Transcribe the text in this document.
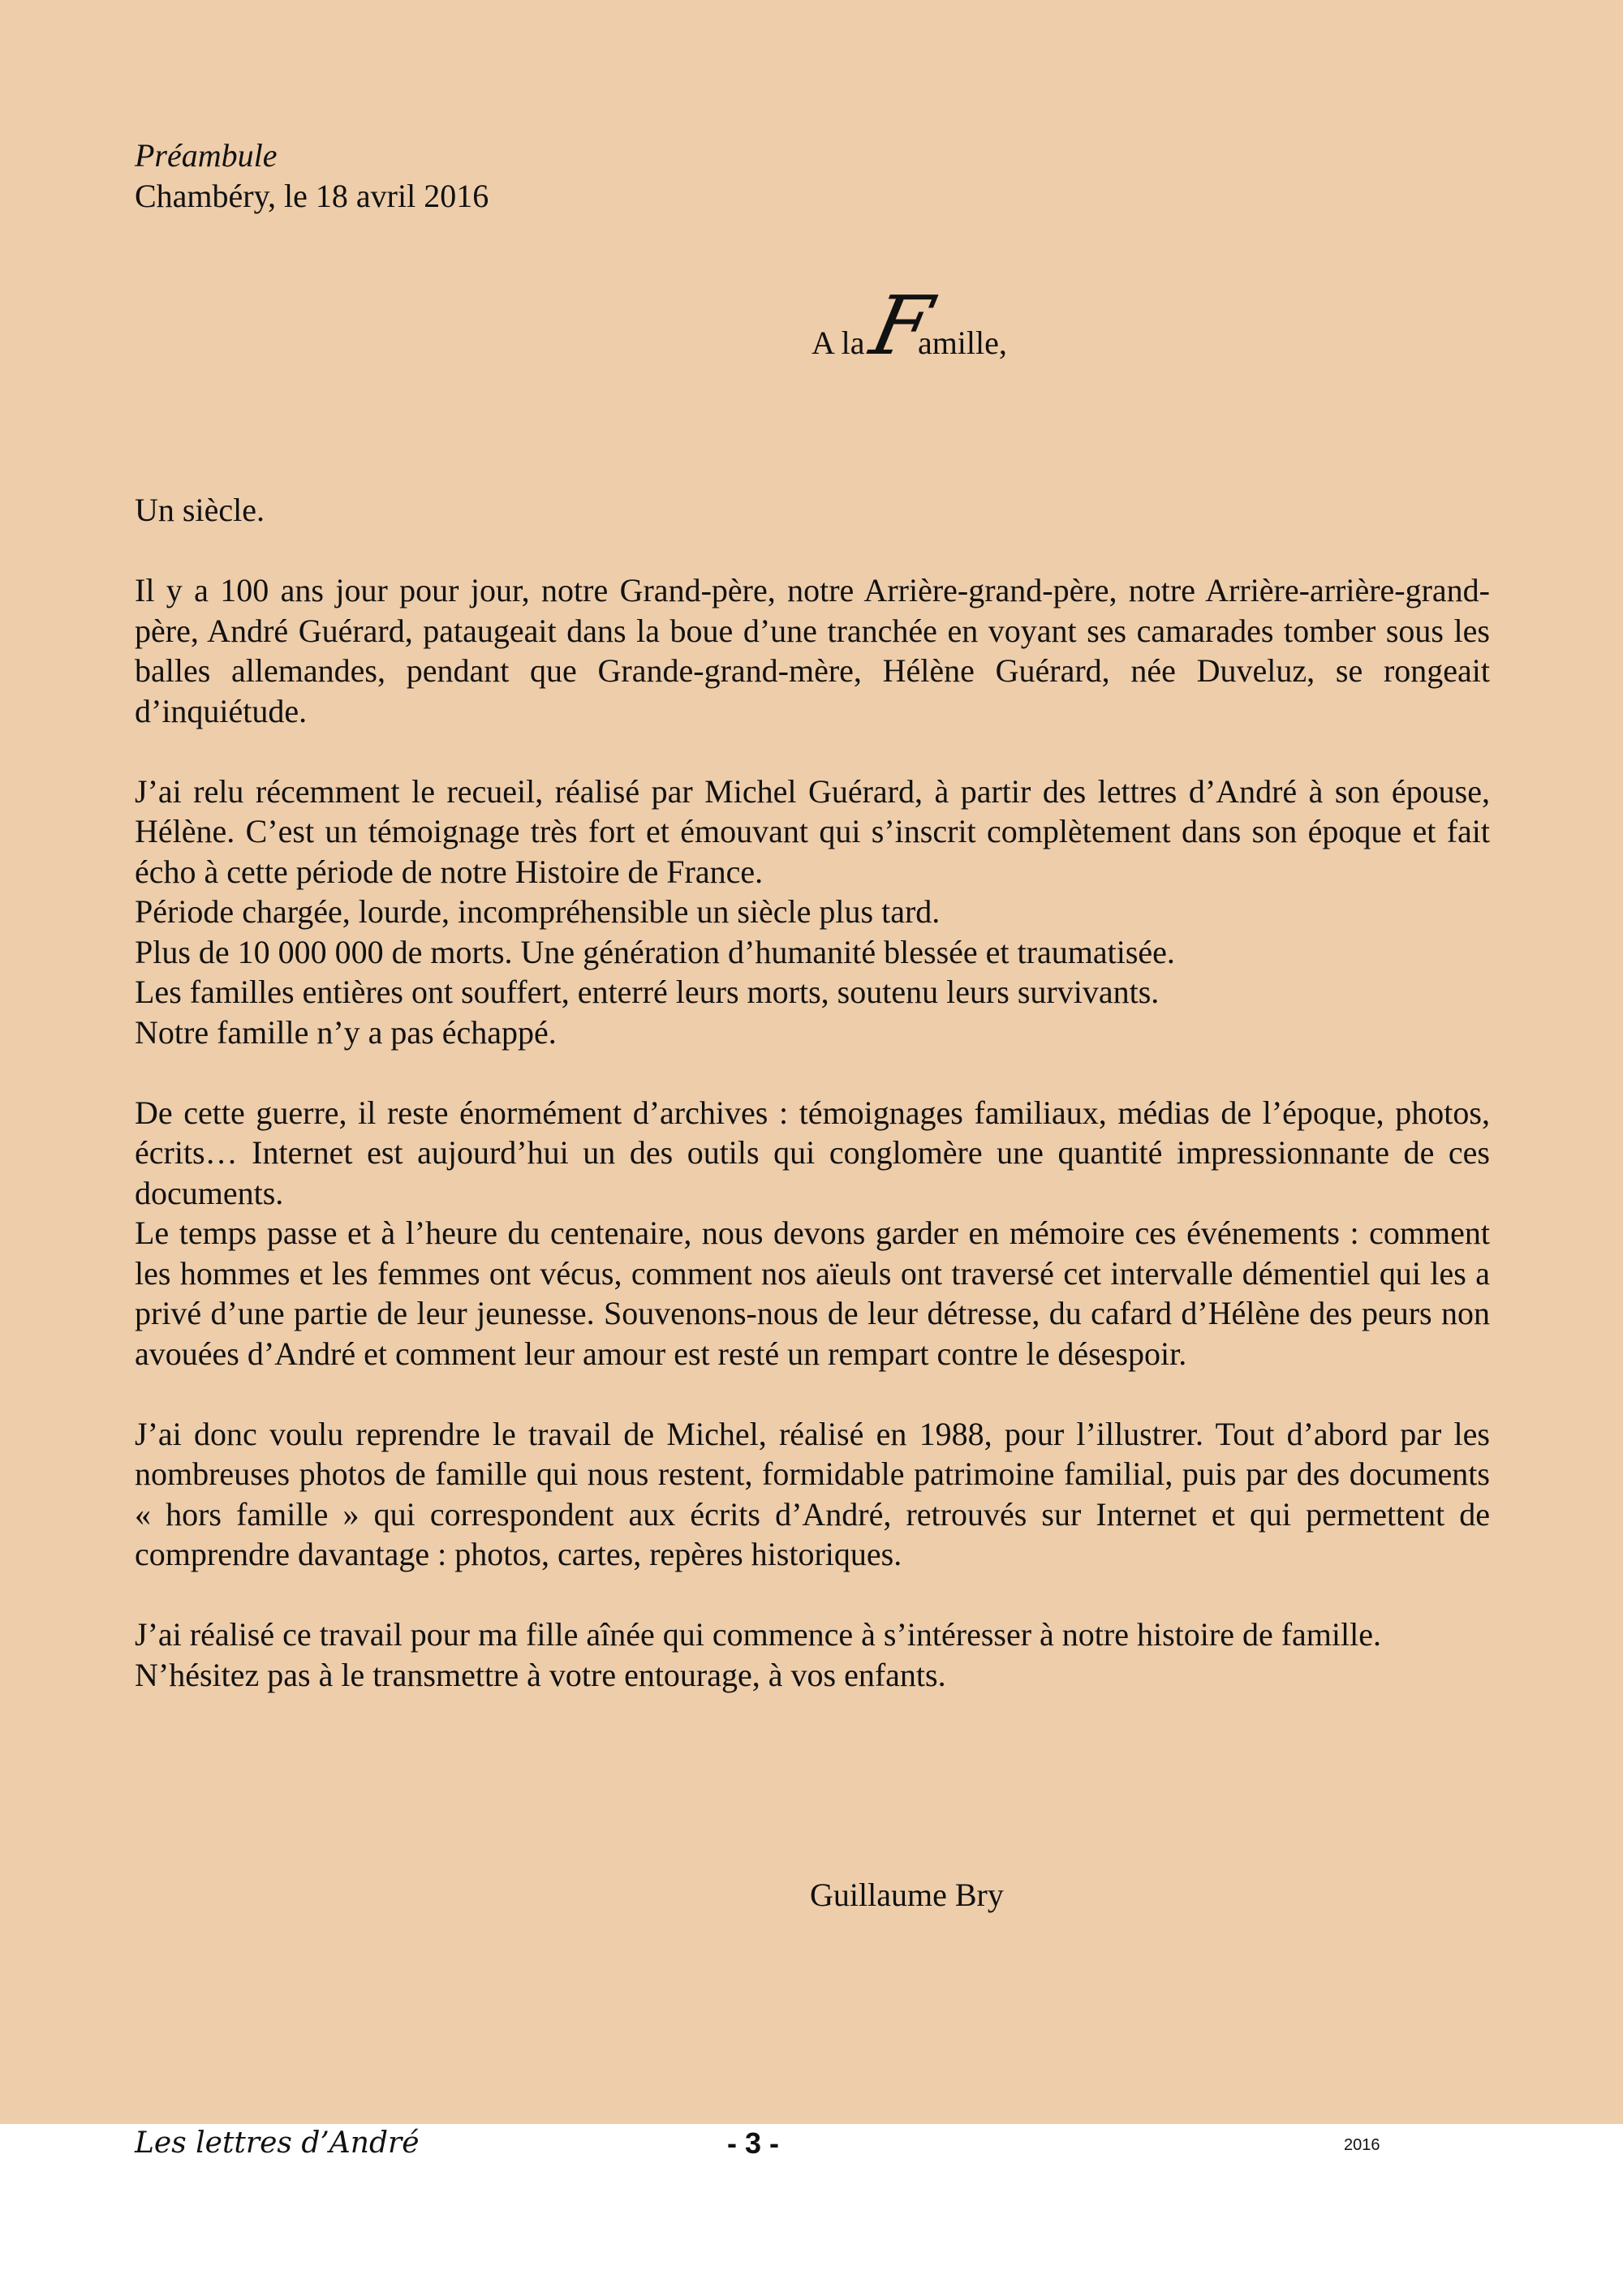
Préambule
Chambéry, le 18 avril 2016
A la Famille,

Un siècle.

Il y a 100 ans jour pour jour, notre Grand-père, notre Arrière-grand-père, notre Arrière-arrière-grand-père, André Guérard, pataugeait dans la boue d’une tranchée en voyant ses camarades tomber sous les balles allemandes, pendant que Grande-grand-mère, Hélène Guérard, née Duveluz, se rongeait d’inquiétude.

J’ai relu récemment le recueil, réalisé par Michel Guérard, à partir des lettres d’André à son épouse, Hélène. C’est un témoignage très fort et émouvant qui s’inscrit complètement dans son époque et fait écho à cette période de notre Histoire de France.

Période chargée, lourde, incompréhensible un siècle plus tard.

Plus de 10 000 000 de morts. Une génération d’humanité blessée et traumatisée.

Les familles entières ont souffert, enterré leurs morts, soutenu leurs survivants.

Notre famille n’y a pas échappé.

De cette guerre, il reste énormément d’archives : témoignages familiaux, médias de l’époque, photos, écrits… Internet est aujourd’hui un des outils qui conglomère une quantité impressionnante de ces documents.

Le temps passe et à l’heure du centenaire, nous devons garder en mémoire ces événements : comment les hommes et les femmes ont vécus, comment nos aïeuls ont traversé cet intervalle démentiel qui les a privé d’une partie de leur jeunesse. Souvenons-nous de leur détresse, du cafard d’Hélène des peurs non avouées d’André et comment leur amour est resté un rempart contre le désespoir.

J’ai donc voulu reprendre le travail de Michel, réalisé en 1988, pour l’illustrer. Tout d’abord par les nombreuses photos de famille qui nous restent, formidable patrimoine familial, puis par des documents « hors famille » qui correspondent aux écrits d’André, retrouvés sur Internet et qui permettent de comprendre davantage : photos, cartes, repères historiques.

J’ai réalisé ce travail pour ma fille aînée qui commence à s’intéresser à notre histoire de famille.

N’hésitez pas à le transmettre à votre entourage, à vos enfants.

Guillaume Bry
Les lettres d’André	- 3 -	2016
